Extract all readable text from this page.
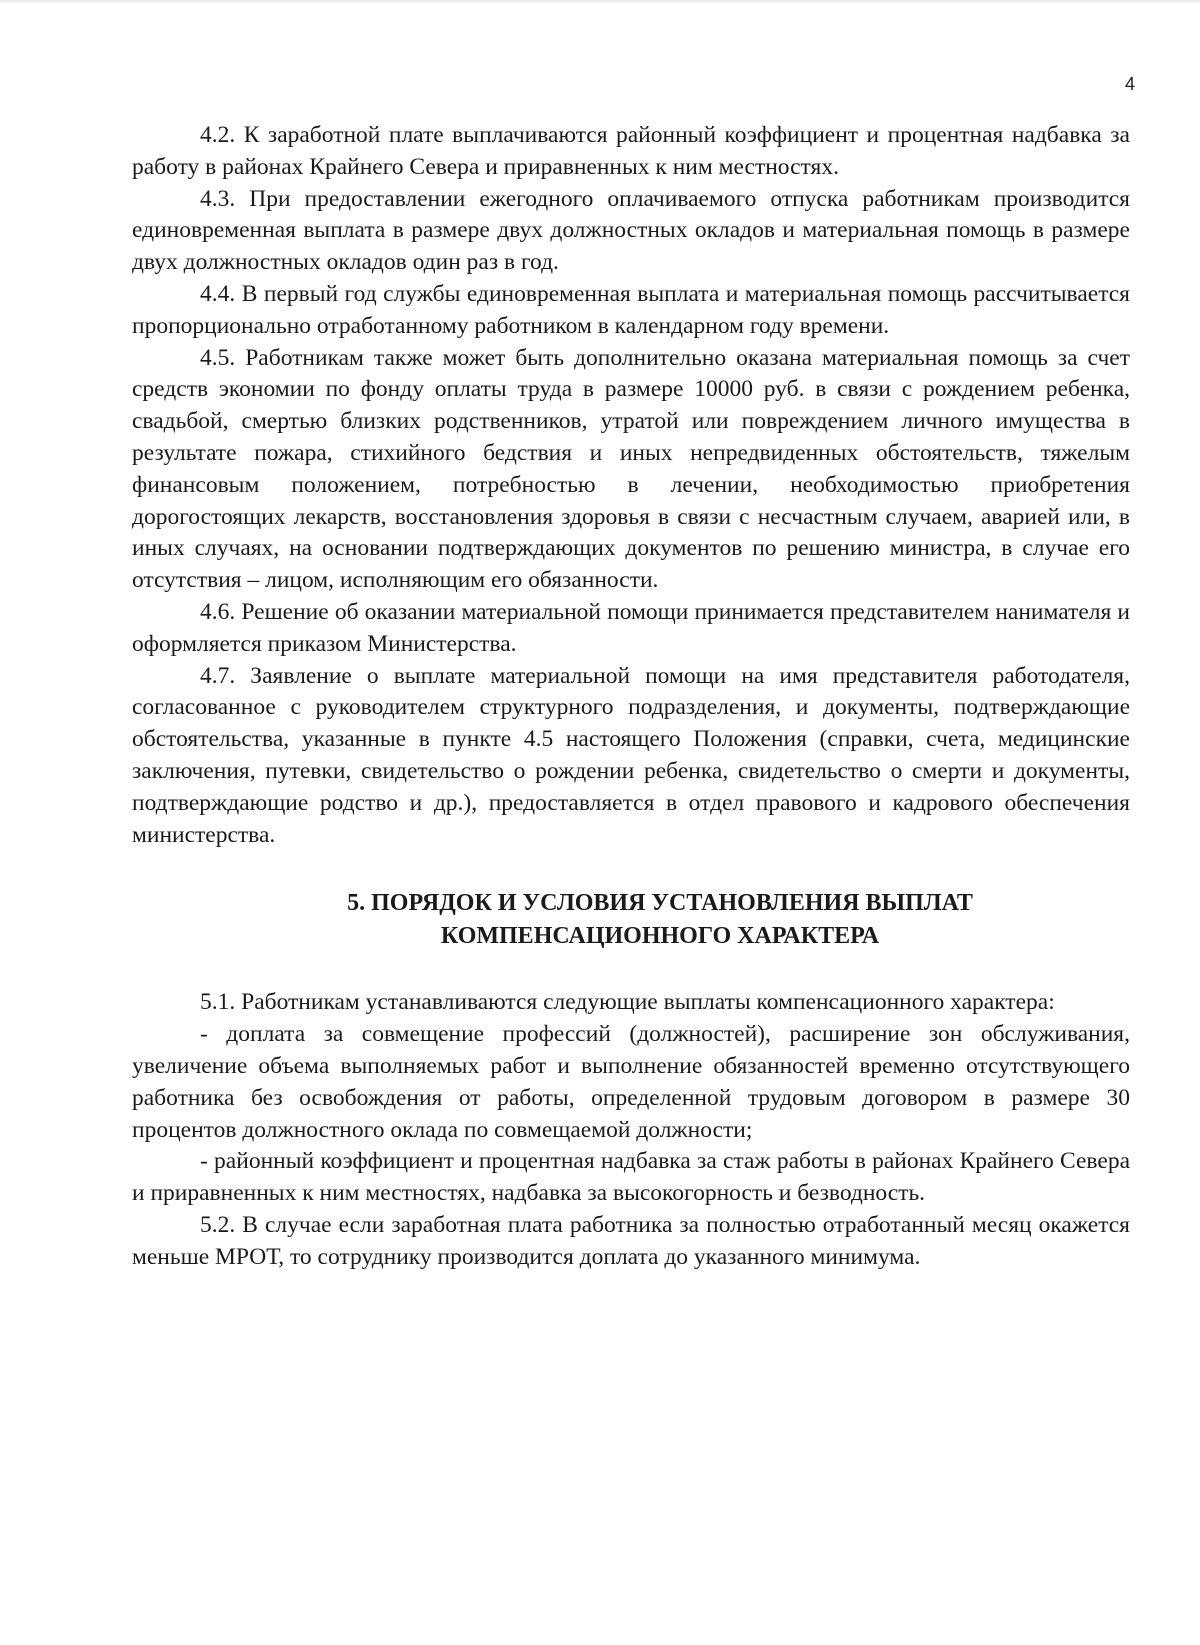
4

4.2. К заработной плате выплачиваются районный коэффициент и процентная надбавка за работу в районах Крайнего Севера и приравненных к ним местностях.

4.3. При предоставлении ежегодного оплачиваемого отпуска работникам производится единовременная выплата в размере двух должностных окладов и материальная помощь в размере двух должностных окладов один раз в год.

4.4. В первый год службы единовременная выплата и материальная помощь рассчитывается пропорционально отработанному работником в календарном году времени.

4.5. Работникам также может быть дополнительно оказана материальная помощь за счет средств экономии по фонду оплаты труда в размере 10000 руб. в связи с рождением ребенка, свадьбой, смертью близких родственников, утратой или повреждением личного имущества в результате пожара, стихийного бедствия и иных непредвиденных обстоятельств, тяжелым финансовым положением, потребностью в лечении, необходимостью приобретения дорогостоящих лекарств, восстановления здоровья в связи с несчастным случаем, аварией или, в иных случаях, на основании подтверждающих документов по решению министра, в случае его отсутствия – лицом, исполняющим его обязанности.

4.6. Решение об оказании материальной помощи принимается представителем нанимателя и оформляется приказом Министерства.

4.7. Заявление о выплате материальной помощи на имя представителя работодателя, согласованное с руководителем структурного подразделения, и документы, подтверждающие обстоятельства, указанные в пункте 4.5 настоящего Положения (справки, счета, медицинские заключения, путевки, свидетельство о рождении ребенка, свидетельство о смерти и документы, подтверждающие родство и др.), предоставляется в отдел правового и кадрового обеспечения министерства.

5. ПОРЯДОК И УСЛОВИЯ УСТАНОВЛЕНИЯ ВЫПЛАТ
КОМПЕНСАЦИОННОГО ХАРАКТЕРА

5.1. Работникам устанавливаются следующие выплаты компенсационного характера:

- доплата за совмещение профессий (должностей), расширение зон обслуживания, увеличение объема выполняемых работ и выполнение обязанностей временно отсутствующего работника без освобождения от работы, определенной трудовым договором в размере 30 процентов должностного оклада по совмещаемой должности;

- районный коэффициент и процентная надбавка за стаж работы в районах Крайнего Севера и приравненных к ним местностях, надбавка за высокогорность и безводность.

5.2. В случае если заработная плата работника за полностью отработанный месяц окажется меньше МРОТ, то сотруднику производится доплата до указанного минимума.
